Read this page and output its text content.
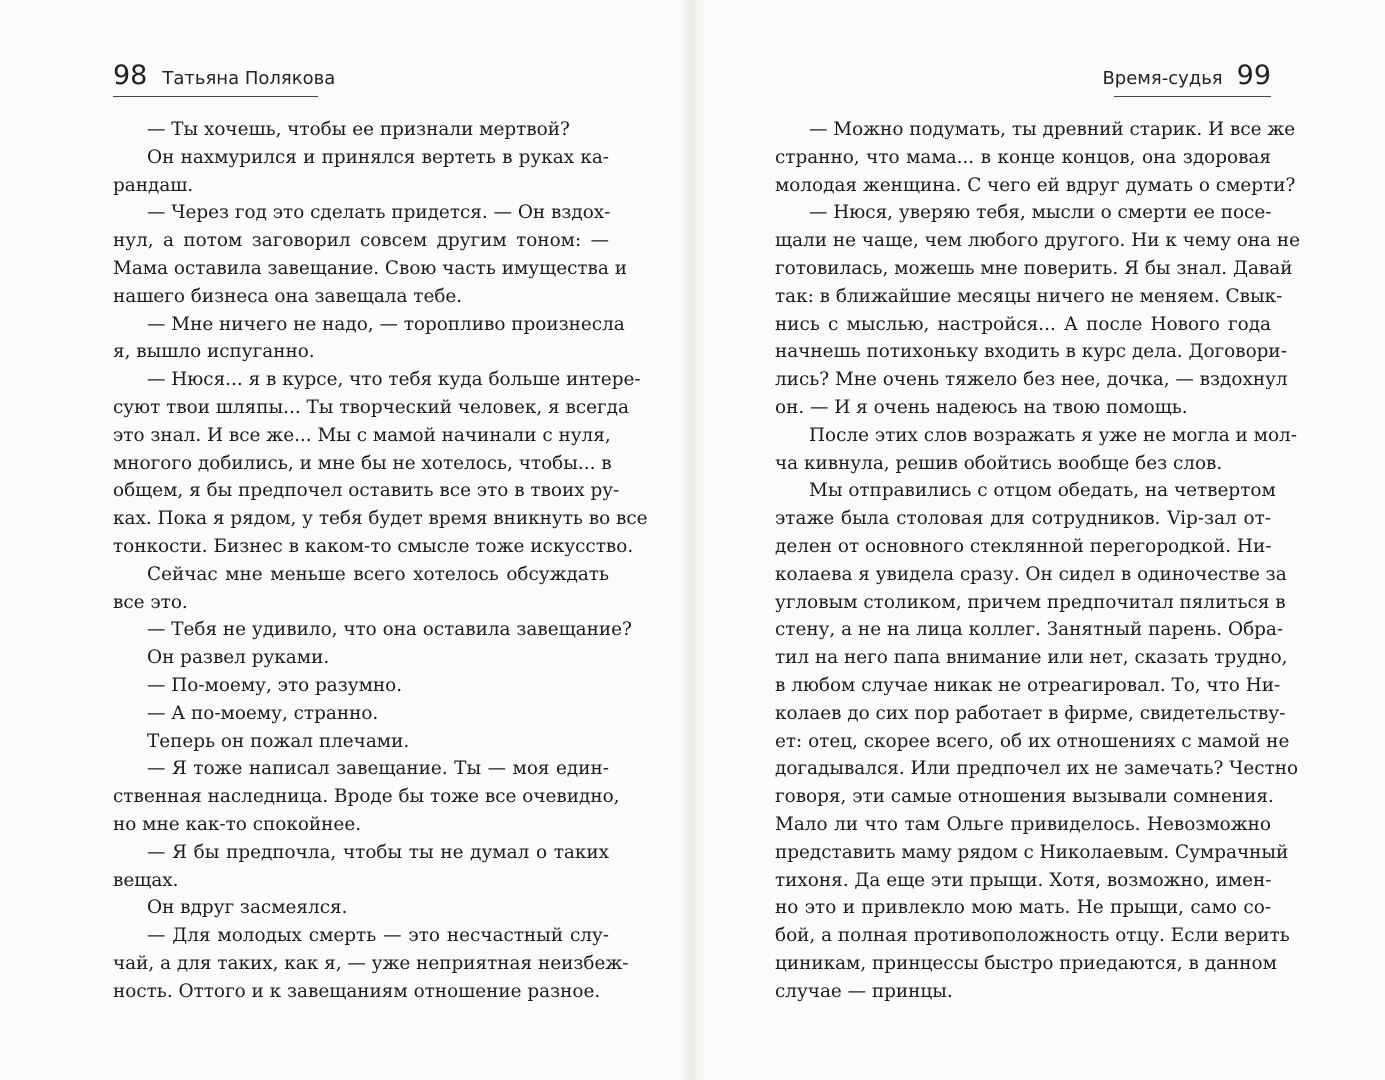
98 Татьяна Полякова
— Ты хочешь, чтобы ее признали мертвой?
Он нахмурился и принялся вертеть в руках ка-
рандаш.
— Через год это сделать придется. — Он вздох-
нул, а потом заговорил совсем другим тоном: —
Мама оставила завещание. Свою часть имущества и
нашего бизнеса она завещала тебе.
— Мне ничего не надо, — торопливо произнесла
я, вышло испуганно.
— Нюся... я в курсе, что тебя куда больше интере-
суют твои шляпы... Ты творческий человек, я всегда
это знал. И все же... Мы с мамой начинали с нуля,
многого добились, и мне бы не хотелось, чтобы... в
общем, я бы предпочел оставить все это в твоих ру-
ках. Пока я рядом, у тебя будет время вникнуть во все
тонкости. Бизнес в каком-то смысле тоже искусство.
Сейчас мне меньше всего хотелось обсуждать
все это.
— Тебя не удивило, что она оставила завещание?
Он развел руками.
— По-моему, это разумно.
— А по-моему, странно.
Теперь он пожал плечами.
— Я тоже написал завещание. Ты — моя един-
ственная наследница. Вроде бы тоже все очевидно,
но мне как-то спокойнее.
— Я бы предпочла, чтобы ты не думал о таких
вещах.
Он вдруг засмеялся.
— Для молодых смерть — это несчастный слу-
чай, а для таких, как я, — уже неприятная неизбеж-
ность. Оттого и к завещаниям отношение разное.
Время-судья 99
— Можно подумать, ты древний старик. И все же
странно, что мама... в конце концов, она здоровая
молодая женщина. С чего ей вдруг думать о смерти?
— Нюся, уверяю тебя, мысли о смерти ее посе-
щали не чаще, чем любого другого. Ни к чему она не
готовилась, можешь мне поверить. Я бы знал. Давай
так: в ближайшие месяцы ничего не меняем. Свык-
нись с мыслью, настройся... А после Нового года
начнешь потихоньку входить в курс дела. Договори-
лись? Мне очень тяжело без нее, дочка, — вздохнул
он. — И я очень надеюсь на твою помощь.
После этих слов возражать я уже не могла и мол-
ча кивнула, решив обойтись вообще без слов.
Мы отправились с отцом обедать, на четвертом
этаже была столовая для сотрудников. Vip-зал от-
делен от основного стеклянной перегородкой. Ни-
колаева я увидела сразу. Он сидел в одиночестве за
угловым столиком, причем предпочитал пялиться в
стену, а не на лица коллег. Занятный парень. Обра-
тил на него папа внимание или нет, сказать трудно,
в любом случае никак не отреагировал. То, что Ни-
колаев до сих пор работает в фирме, свидетельству-
ет: отец, скорее всего, об их отношениях с мамой не
догадывался. Или предпочел их не замечать? Честно
говоря, эти самые отношения вызывали сомнения.
Мало ли что там Ольге привиделось. Невозможно
представить маму рядом с Николаевым. Сумрачный
тихоня. Да еще эти прыщи. Хотя, возможно, имен-
но это и привлекло мою мать. Не прыщи, само со-
бой, а полная противоположность отцу. Если верить
циникам, принцессы быстро приедаются, в данном
случае — принцы.
